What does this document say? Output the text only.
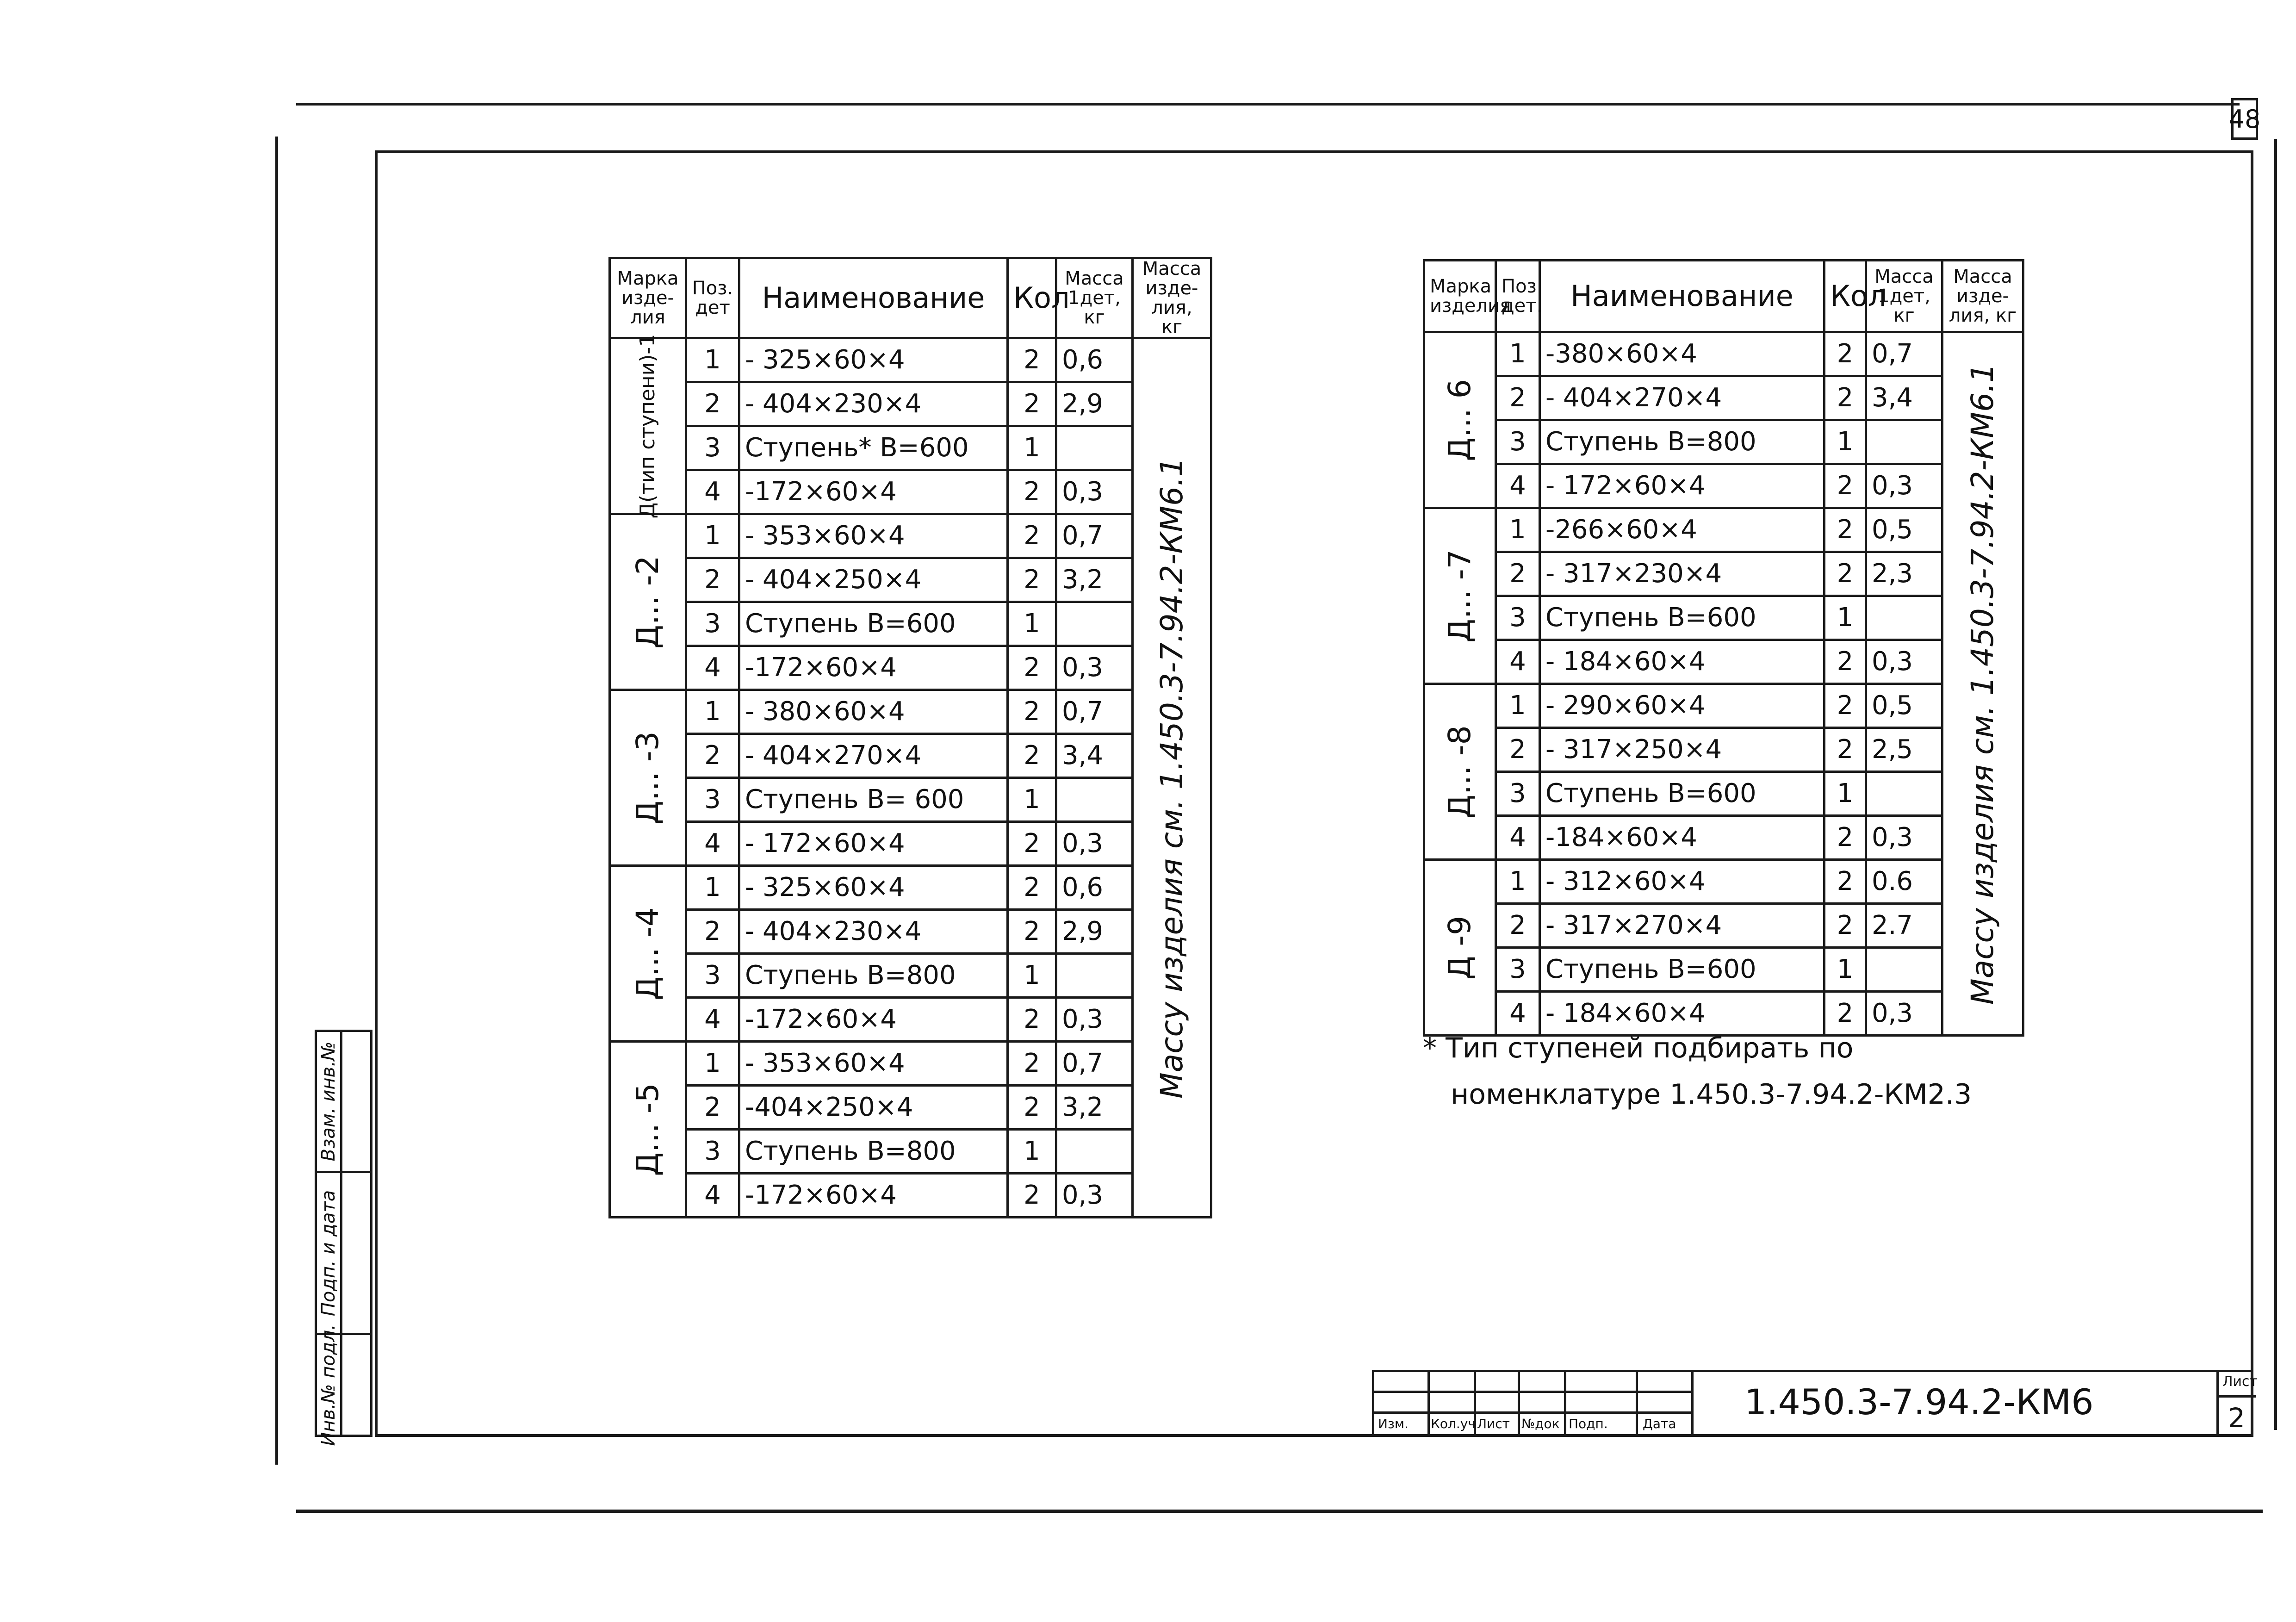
48
Марка изде-лия	Поз. дет	Наименование	Кол	Масса 1дет, кг	Масса изде-лия, кг

Д(тип ступени)-1	1	- 325×60×4	2	0,6	Массу изделия см. 1.450.3-7.94.2-КМ6.1

	2	- 404×230×4	2	2,9	
	3	Ступень* В=600	1		
	4	-172×60×4	2	0,3	

Д... -2	1	- 353×60×4	2	0,7	
	2	- 404×250×4	2	3,2	
	3	Ступень В=600	1		
	4	-172×60×4	2	0,3	

Д... -3	1	- 380×60×4	2	0,7	
	2	- 404×270×4	2	3,4	
	3	Ступень В= 600	1		
	4	- 172×60×4	2	0,3	

Д... -4	1	- 325×60×4	2	0,6	
	2	- 404×230×4	2	2,9	
	3	Ступень В=800	1		
	4	-172×60×4	2	0,3	

Д... -5	1	- 353×60×4	2	0,7	
	2	-404×250×4	2	3,2	
	3	Ступень В=800	1		
	4	-172×60×4	2	0,3	
Марка изделия	Поз дет.	Наименование	Кол	Масса 1дет, кг	Масса изде-лия, кг

Д... 6	1	-380×60×4	2	0,7	Массу изделия см. 1.450.3-7.94.2-КМ6.1

	2	- 404×270×4	2	3,4	
	3	Ступень В=800	1		
	4	- 172×60×4	2	0,3	

Д... -7	1	-266×60×4	2	0,5	
	2	- 317×230×4	2	2,3	
	3	Ступень В=600	1		
	4	- 184×60×4	2	0,3	

Д... -8	1	- 290×60×4	2	0,5	
	2	- 317×250×4	2	2,5	
	3	Ступень В=600	1		
	4	-184×60×4	2	0,3	

Д -9	1	- 312×60×4	2	0.6	
	2	- 317×270×4	2	2.7	
	3	Ступень В=600	1		
	4	- 184×60×4	2	0,3	
* Тип ступеней подбирать по
номенклатуре 1.450.3-7.94.2-КМ2.3
Взам. инв.№
Подп. и дата
Инв.№ подл.	Изм. Кол.уч Лист №док Подп.	Дата
1.450.3-7.94.2-КМ6	Лист
2
